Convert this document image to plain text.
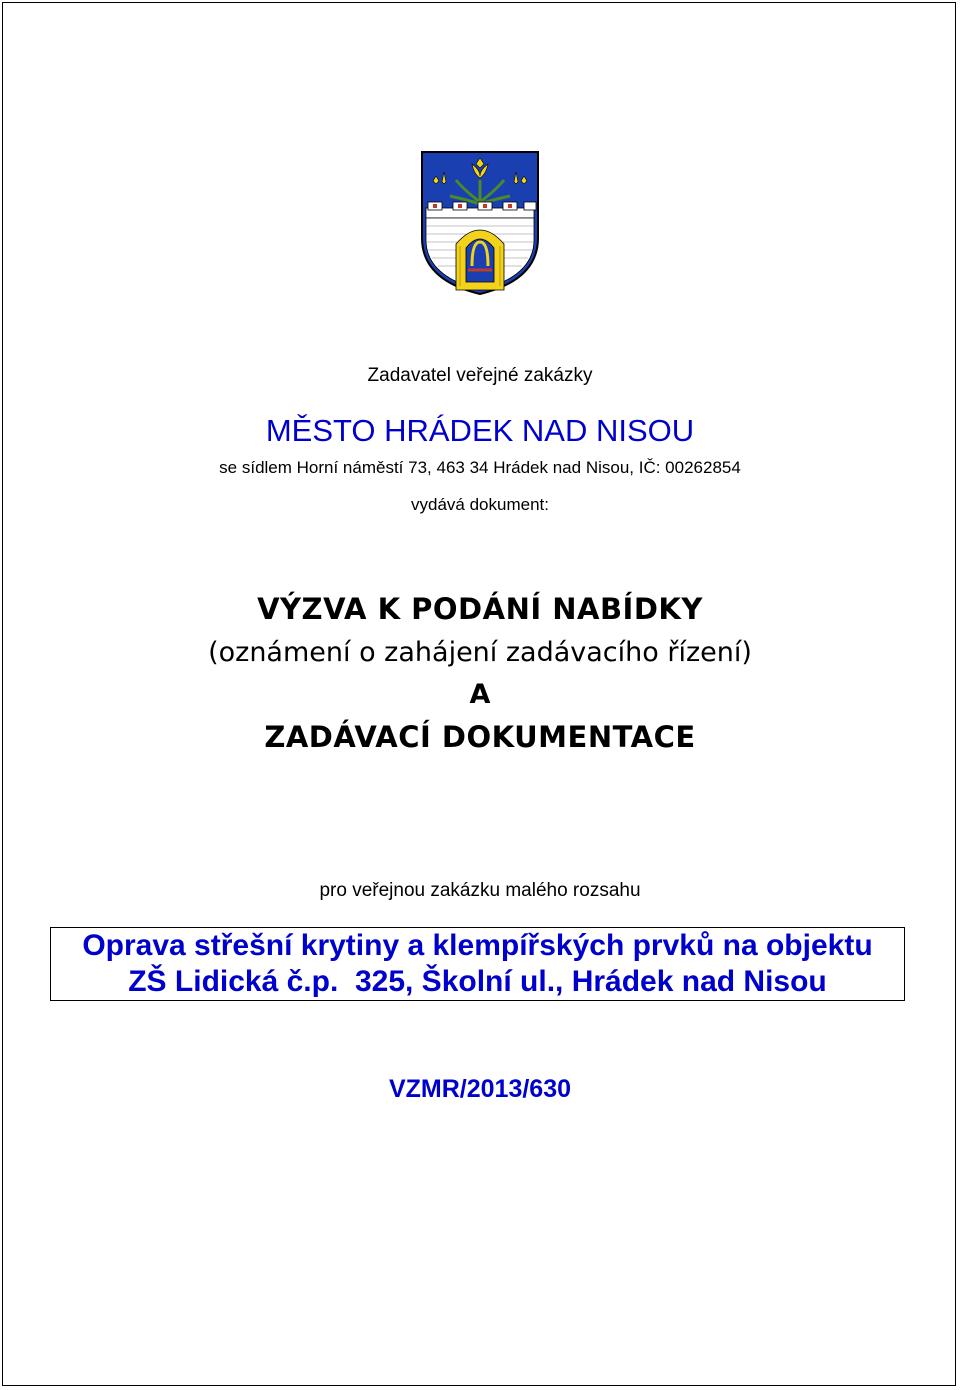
Zadavatel veřejné zakázky
MĚSTO HRÁDEK NAD NISOU
se sídlem Horní náměstí 73, 463 34 Hrádek nad Nisou, IČ: 00262854
vydává dokument:
VÝZVA K PODÁNÍ NABÍDKY
(oznámení o zahájení zadávacího řízení)
A
ZADÁVACÍ DOKUMENTACE
pro veřejnou zakázku malého rozsahu
Oprava střešní krytiny a klempířských prvků na objektu
ZŠ Lidická č.p.  325, Školní ul., Hrádek nad Nisou
VZMR/2013/630
